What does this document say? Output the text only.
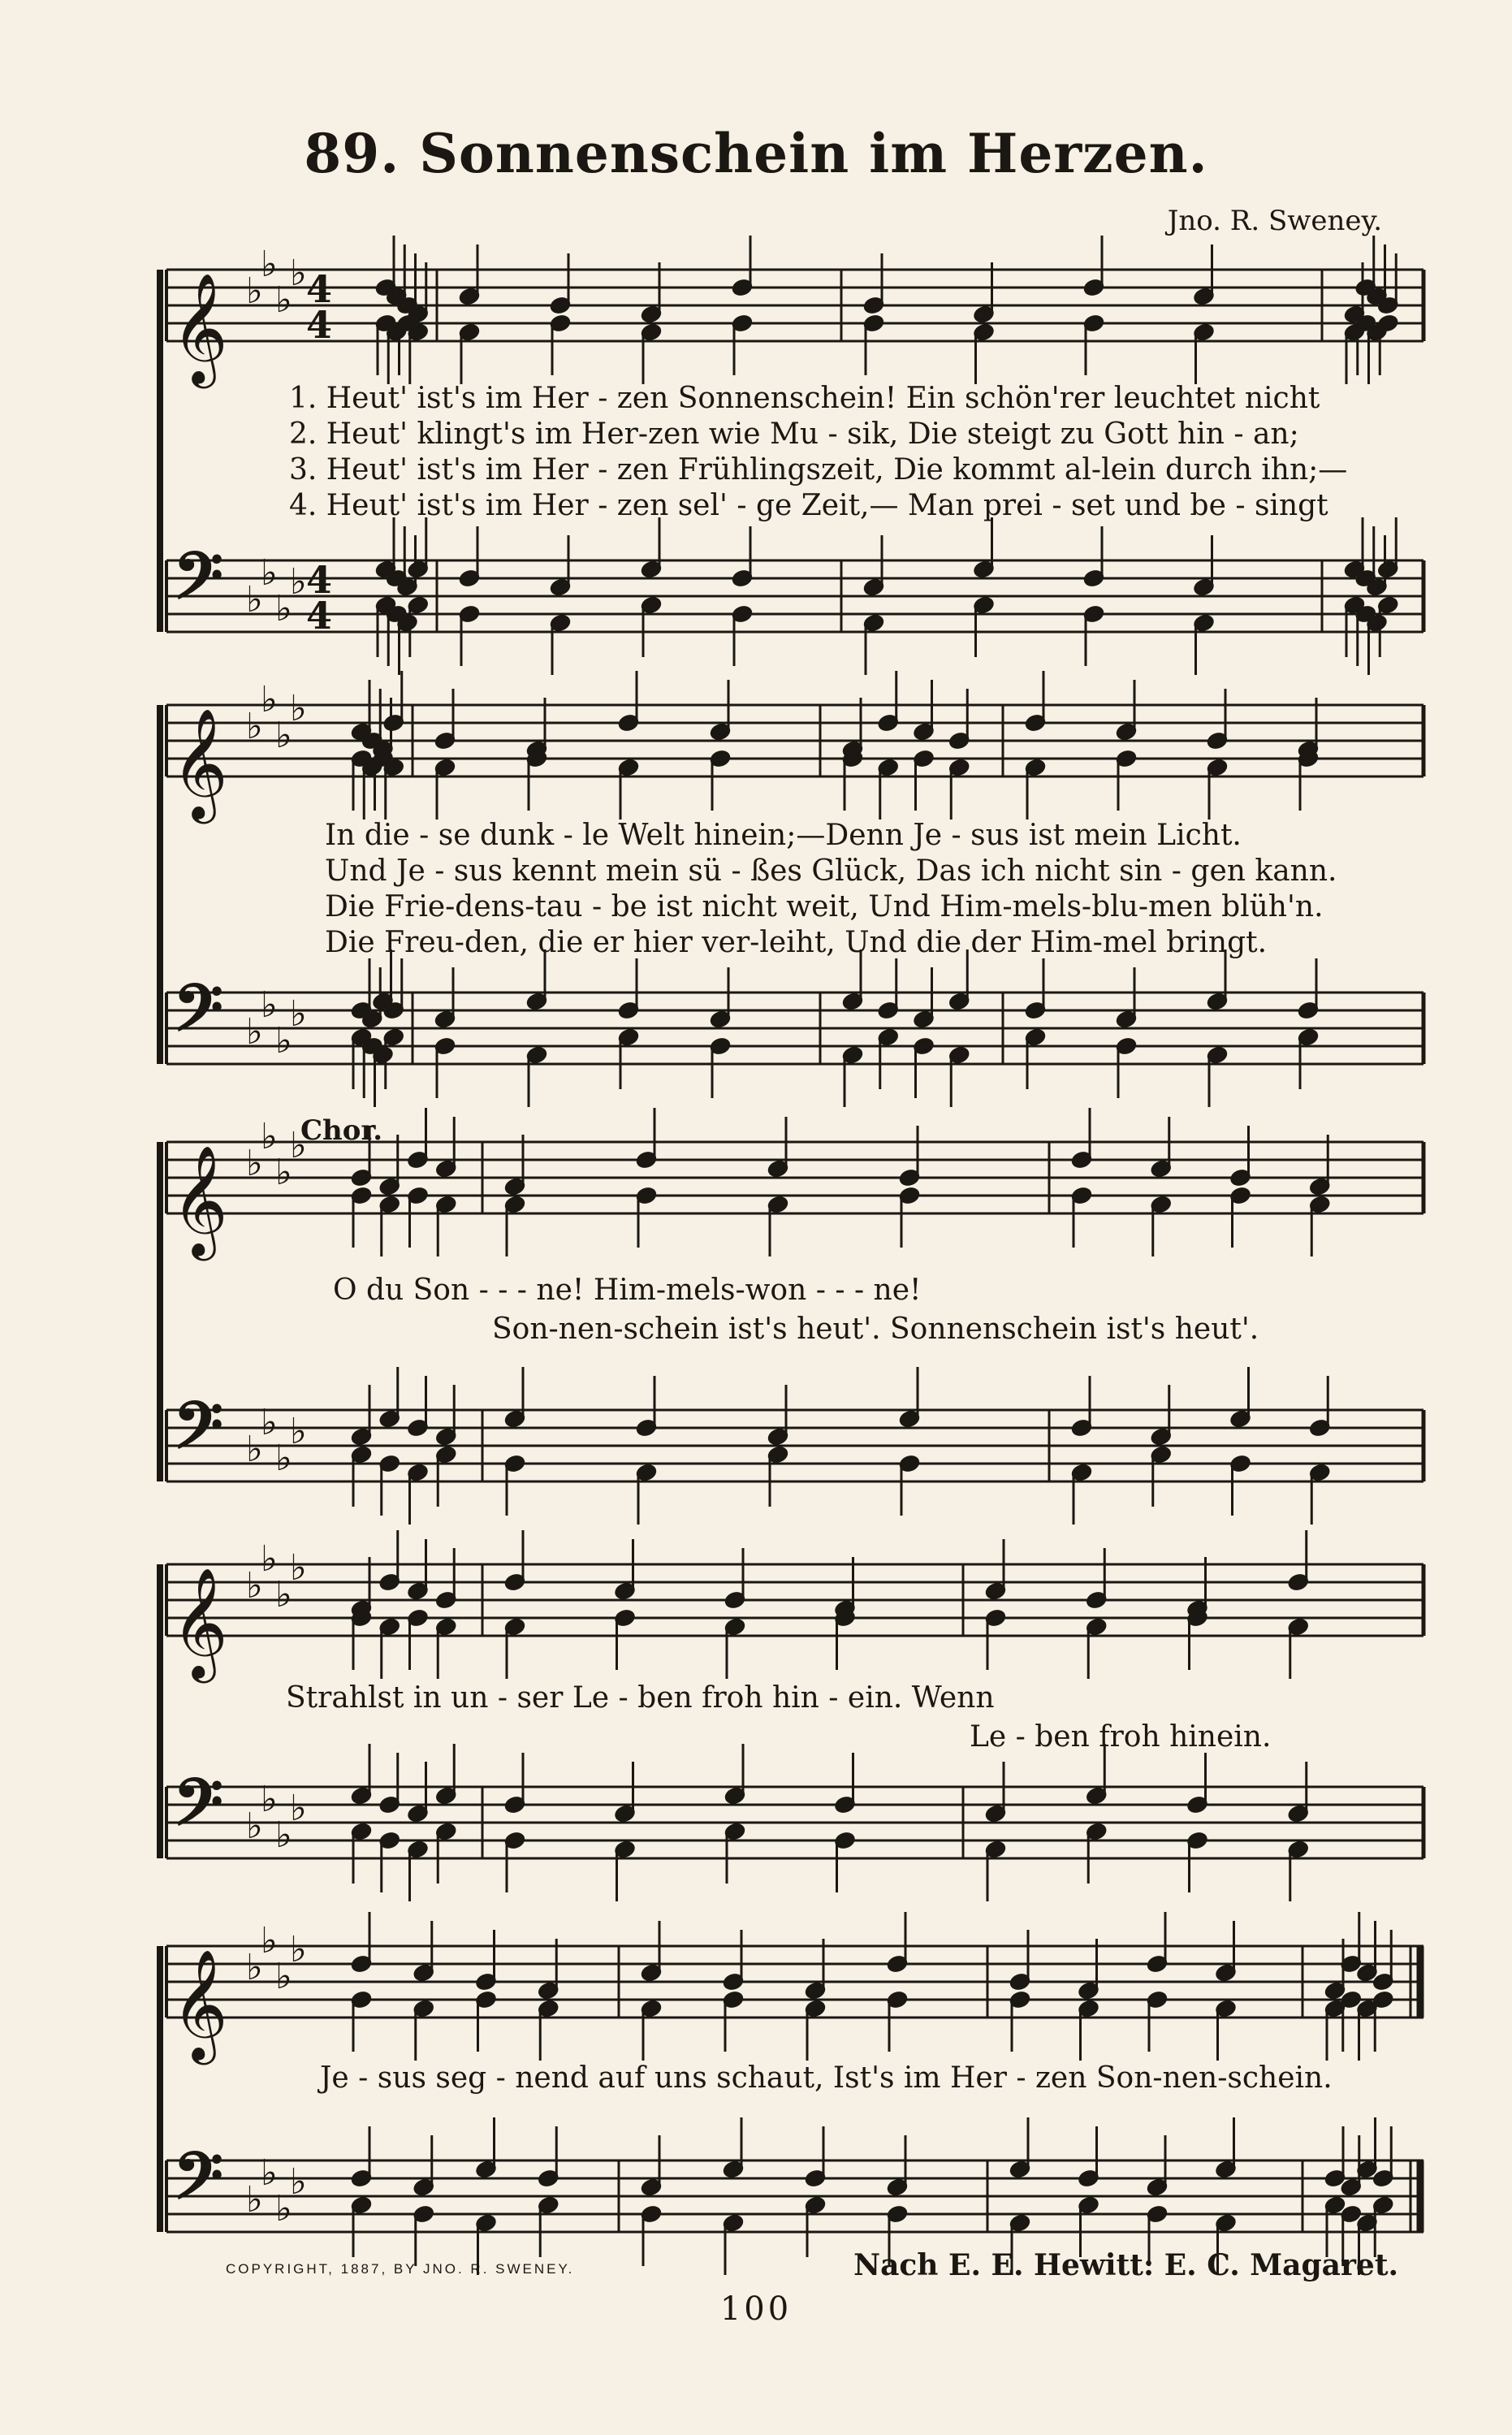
89. Sonnenschein im Herzen.
Jno. R. Sweney.
𝄞 ♭
♭
♭
♭ 4
4
𝄢 ♭
♭
♭
♭ 4
4
𝄞 ♭
♭
♭
♭
𝄢 ♭
♭
♭
♭
𝄞 ♭
♭
♭
♭
𝄢 ♭
♭
♭
♭
𝄞 ♭
♭
♭
♭
𝄢 ♭
♭
♭
♭
𝄞 ♭
♭
♭
♭
𝄢 ♭
♭
♭
♭
1. Heut' ist's im Her - zen Sonnenschein! Ein schön'rer leuchtet nicht
2. Heut' klingt's im Her-zen wie Mu - sik, Die steigt zu Gott hin - an;
3. Heut' ist's im Her - zen Frühlingszeit, Die kommt al-lein durch ihn;—
4. Heut' ist's im Her - zen sel' - ge Zeit,— Man prei - set und be - singt
In die - se dunk - le Welt hinein;—Denn Je - sus ist mein Licht.
Und Je - sus kennt mein sü - ßes Glück, Das ich nicht sin - gen kann.
Die Frie-dens-tau - be ist nicht weit, Und Him-mels-blu-men blüh'n.
Die Freu-den, die er hier ver-leiht, Und die der Him-mel bringt.
Chor.
O du Son - - - ne! Him-mels-won - - - ne!
Son-nen-schein ist's heut'. Sonnenschein ist's heut'.
Strahlst in un - ser Le - ben froh hin - ein. Wenn
Le - ben froh hinein.
Je - sus seg - nend auf uns schaut, Ist's im Her - zen Son-nen-schein.
COPYRIGHT, 1887, BY JNO. R. SWENEY.	Nach E. E. Hewitt: E. C. Magaret.
100
